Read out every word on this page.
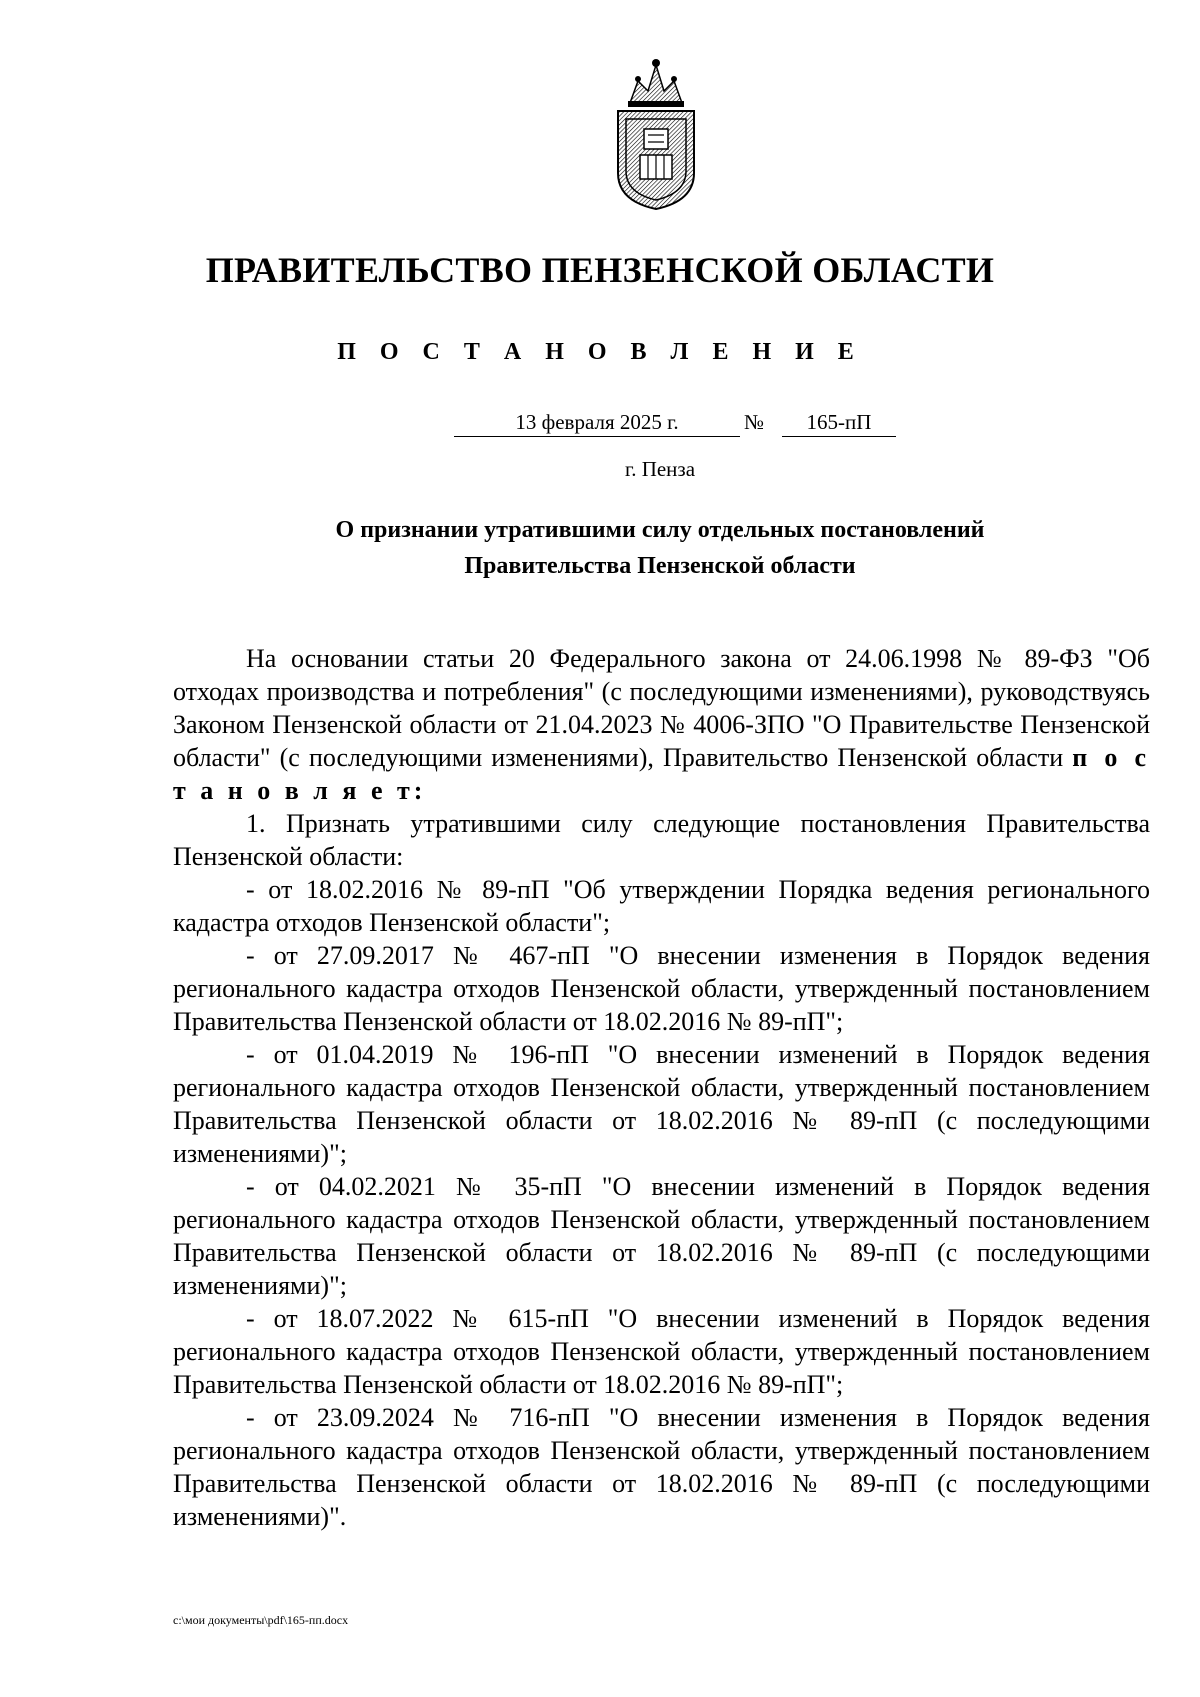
ПРАВИТЕЛЬСТВО ПЕНЗЕНСКОЙ ОБЛАСТИ
П О С Т А Н О В Л Е Н И Е
13 февраля 2025 г.	№	165-пП
г. Пенза
О признании утратившими силу отдельных постановлений
Правительства Пензенской области

На основании статьи 20 Федерального закона от 24.06.1998 № 89-ФЗ "Об отходах производства и потребления" (с последующими изменениями), руководствуясь Законом Пензенской области от 21.04.2023 № 4006-ЗПО "О Правительстве Пензенской области" (с последующими изменениями), Правительство Пензенской области п о с т а н о в л я е т:

1. Признать утратившими силу следующие постановления Правительства Пензенской области:

- от 18.02.2016 № 89-пП "Об утверждении Порядка ведения регионального кадастра отходов Пензенской области";

- от 27.09.2017 № 467-пП "О внесении изменения в Порядок ведения регионального кадастра отходов Пензенской области, утвержденный постановлением Правительства Пензенской области от 18.02.2016 № 89-пП";

- от 01.04.2019 № 196-пП "О внесении изменений в Порядок ведения регионального кадастра отходов Пензенской области, утвержденный постановлением Правительства Пензенской области от 18.02.2016 № 89-пП (с последующими изменениями)";

- от 04.02.2021 № 35-пП "О внесении изменений в Порядок ведения регионального кадастра отходов Пензенской области, утвержденный постановлением Правительства Пензенской области от 18.02.2016 № 89-пП (с последующими изменениями)";

- от 18.07.2022 № 615-пП "О внесении изменений в Порядок ведения регионального кадастра отходов Пензенской области, утвержденный постановлением Правительства Пензенской области от 18.02.2016 № 89-пП";

- от 23.09.2024 № 716-пП "О внесении изменения в Порядок ведения регионального кадастра отходов Пензенской области, утвержденный постановлением Правительства Пензенской области от 18.02.2016 № 89-пП (с последующими изменениями)".

c:\мои документы\pdf\165-пп.docx
